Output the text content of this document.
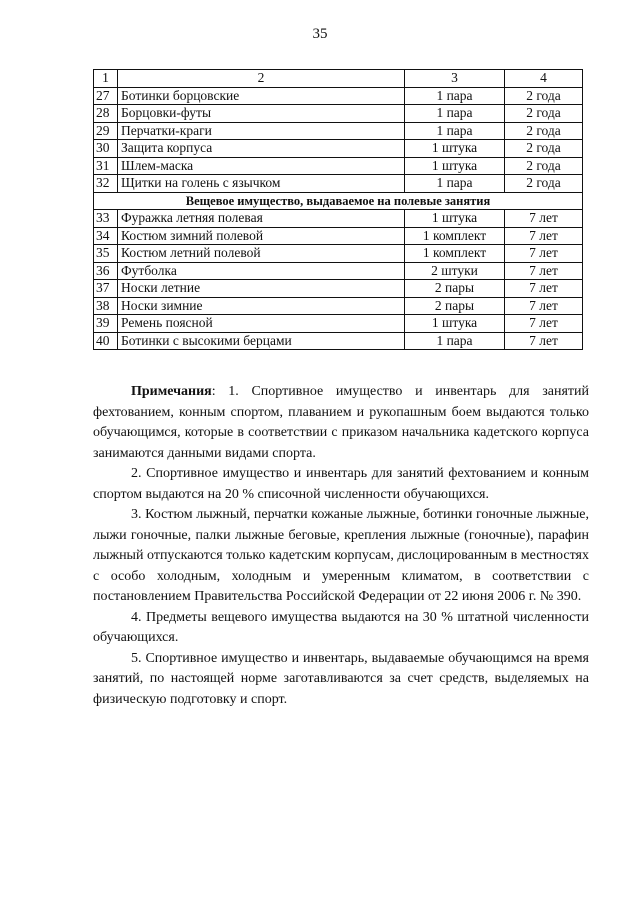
35
1	2	3	4
27	Ботинки борцовские	1 пара	2 года
28	Борцовки-футы	1 пара	2 года
29	Перчатки-краги	1 пара	2 года
30	Защита корпуса	1 штука	2 года
31	Шлем-маска	1 штука	2 года
32	Щитки на голень с язычком	1 пара	2 года
Вещевое имущество, выдаваемое на полевые занятия			
33	Фуражка летняя полевая	1 штука	7 лет
34	Костюм зимний полевой	1 комплект	7 лет
35	Костюм летний полевой	1 комплект	7 лет
36	Футболка	2 штуки	7 лет
37	Носки летние	2 пары	7 лет
38	Носки зимние	2 пары	7 лет
39	Ремень поясной	1 штука	7 лет
40	Ботинки с высокими берцами	1 пара	7 лет

Примечания: 1. Спортивное имущество и инвентарь для занятий фехтованием, конным спортом, плаванием и рукопашным боем выдаются только обучающимся, которые в соответствии с приказом начальника кадетского корпуса занимаются данными видами спорта.

2. Спортивное имущество и инвентарь для занятий фехтованием и конным спортом выдаются на 20 % списочной численности обучающихся.

3. Костюм лыжный, перчатки кожаные лыжные, ботинки гоночные лыжные, лыжи гоночные, палки лыжные беговые, крепления лыжные (гоночные), парафин лыжный отпускаются только кадетским корпусам, дислоцированным в местностях с особо холодным, холодным и умеренным климатом, в соответствии с постановлением Правительства Российской Федерации от 22 июня 2006 г. № 390.

4. Предметы вещевого имущества выдаются на 30 % штатной численности обучающихся.

5. Спортивное имущество и инвентарь, выдаваемые обучающимся на время занятий, по настоящей норме заготавливаются за счет средств, выделяемых на физическую подготовку и спорт.
